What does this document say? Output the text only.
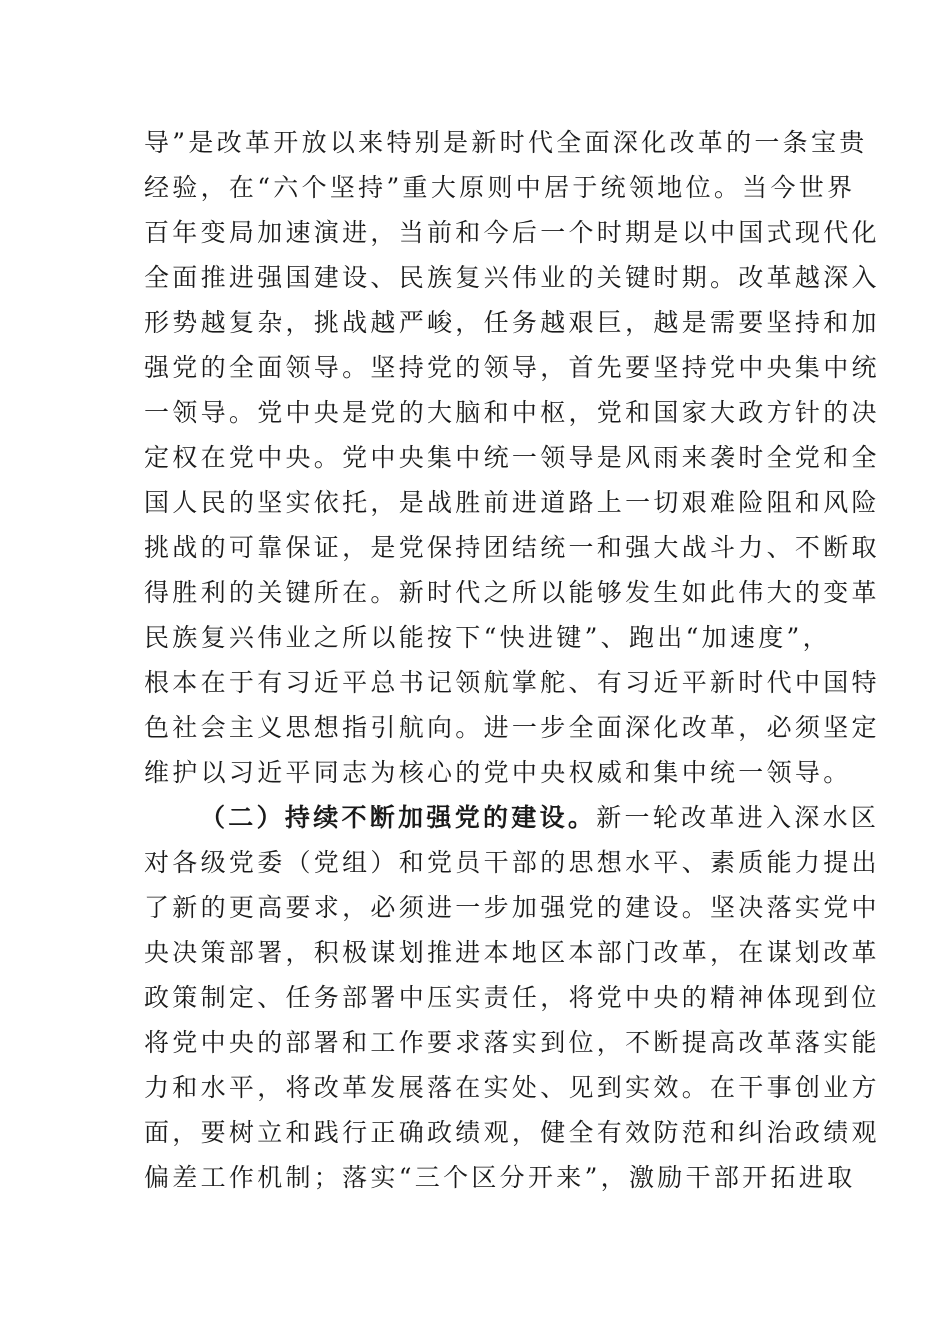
导”是改革开放以来特别是新时代全面深化改革的一条宝贵
经验，在“六个坚持”重大原则中居于统领地位。当今世界
百年变局加速演进，当前和今后一个时期是以中国式现代化
全面推进强国建设、民族复兴伟业的关键时期。改革越深入
形势越复杂，挑战越严峻，任务越艰巨，越是需要坚持和加
强党的全面领导。坚持党的领导，首先要坚持党中央集中统
一领导。党中央是党的大脑和中枢，党和国家大政方针的决
定权在党中央。党中央集中统一领导是风雨来袭时全党和全
国人民的坚实依托，是战胜前进道路上一切艰难险阻和风险
挑战的可靠保证，是党保持团结统一和强大战斗力、不断取
得胜利的关键所在。新时代之所以能够发生如此伟大的变革
民族复兴伟业之所以能按下“快进键”、跑出“加速度”，
根本在于有习近平总书记领航掌舵、有习近平新时代中国特
色社会主义思想指引航向。进一步全面深化改革，必须坚定
维护以习近平同志为核心的党中央权威和集中统一领导。
（二）持续不断加强党的建设。新一轮改革进入深水区
对各级党委（党组）和党员干部的思想水平、素质能力提出
了新的更高要求，必须进一步加强党的建设。坚决落实党中
央决策部署，积极谋划推进本地区本部门改革，在谋划改革
政策制定、任务部署中压实责任，将党中央的精神体现到位
将党中央的部署和工作要求落实到位，不断提高改革落实能
力和水平，将改革发展落在实处、见到实效。在干事创业方
面，要树立和践行正确政绩观，健全有效防范和纠治政绩观
偏差工作机制；落实“三个区分开来”，激励干部开拓进取
